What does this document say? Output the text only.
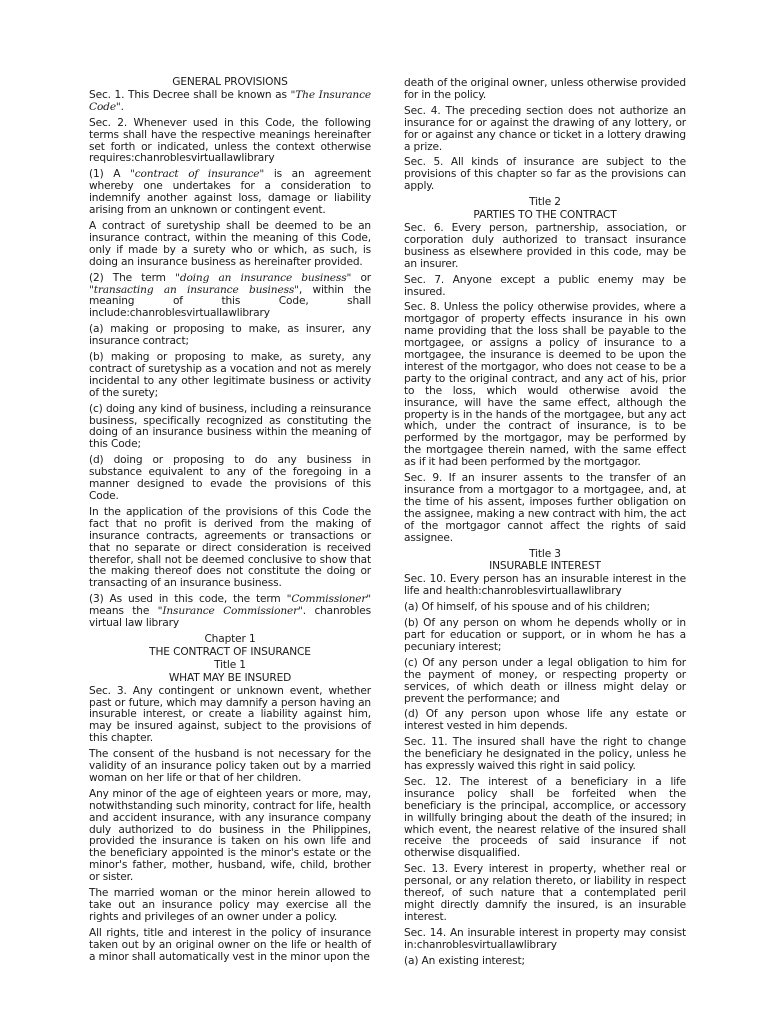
GENERAL PROVISIONS

Sec. 1. This Decree shall be known as "The Insurance Code".

Sec. 2. Whenever used in this Code, the following terms shall have the respective meanings hereinafter set forth or indicated, unless the context otherwise requires:chanroblesvirtuallawlibrary

(1) A "contract of insurance" is an agreement whereby one undertakes for a consideration to indemnify another against loss, damage or liability arising from an unknown or contingent event.

A contract of suretyship shall be deemed to be an insurance contract, within the meaning of this Code, only if made by a surety who or which, as such, is doing an insurance business as hereinafter provided.

(2) The term "doing an insurance business" or "transacting an insurance business", within the meaning of this Code, shall include:chanroblesvirtuallawlibrary

(a) making or proposing to make, as insurer, any insurance contract;

(b) making or proposing to make, as surety, any contract of suretyship as a vocation and not as merely incidental to any other legitimate business or activity of the surety;

(c) doing any kind of business, including a reinsurance business, specifically recognized as constituting the doing of an insurance business within the meaning of this Code;

(d) doing or proposing to do any business in substance equivalent to any of the foregoing in a manner designed to evade the provisions of this Code.

In the application of the provisions of this Code the fact that no profit is derived from the making of insurance contracts, agreements or transactions or that no separate or direct consideration is received therefor, shall not be deemed conclusive to show that the making thereof does not constitute the doing or transacting of an insurance business.

(3) As used in this code, the term "Commissioner" means the "Insurance Commissioner". chanrobles virtual law library

Chapter 1

THE CONTRACT OF INSURANCE

Title 1

WHAT MAY BE INSURED

Sec. 3. Any contingent or unknown event, whether past or future, which may damnify a person having an insurable interest, or create a liability against him, may be insured against, subject to the provisions of this chapter.

The consent of the husband is not necessary for the validity of an insurance policy taken out by a married woman on her life or that of her children.

Any minor of the age of eighteen years or more, may, notwithstanding such minority, contract for life, health and accident insurance, with any insurance company duly authorized to do business in the Philippines, provided the insurance is taken on his own life and the beneficiary appointed is the minor's estate or the minor's father, mother, husband, wife, child, brother or sister.

The married woman or the minor herein allowed to take out an insurance policy may exercise all the rights and privileges of an owner under a policy.

All rights, title and interest in the policy of insurance taken out by an original owner on the life or health of a minor shall automatically vest in the minor upon the

death of the original owner, unless otherwise provided for in the policy.

Sec. 4. The preceding section does not authorize an insurance for or against the drawing of any lottery, or for or against any chance or ticket in a lottery drawing a prize.

Sec. 5. All kinds of insurance are subject to the provisions of this chapter so far as the provisions can apply.

Title 2

PARTIES TO THE CONTRACT

Sec. 6. Every person, partnership, association, or corporation duly authorized to transact insurance business as elsewhere provided in this code, may be an insurer.

Sec. 7. Anyone except a public enemy may be insured.

Sec. 8. Unless the policy otherwise provides, where a mortgagor of property effects insurance in his own name providing that the loss shall be payable to the mortgagee, or assigns a policy of insurance to a mortgagee, the insurance is deemed to be upon the interest of the mortgagor, who does not cease to be a party to the original contract, and any act of his, prior to the loss, which would otherwise avoid the insurance, will have the same effect, although the property is in the hands of the mortgagee, but any act which, under the contract of insurance, is to be performed by the mortgagor, may be performed by the mortgagee therein named, with the same effect as if it had been performed by the mortgagor.

Sec. 9. If an insurer assents to the transfer of an insurance from a mortgagor to a mortgagee, and, at the time of his assent, imposes further obligation on the assignee, making a new contract with him, the act of the mortgagor cannot affect the rights of said assignee.

Title 3

INSURABLE INTEREST

Sec. 10. Every person has an insurable interest in the life and health:chanroblesvirtuallawlibrary

(a) Of himself, of his spouse and of his children;

(b) Of any person on whom he depends wholly or in part for education or support, or in whom he has a pecuniary interest;

(c) Of any person under a legal obligation to him for the payment of money, or respecting property or services, of which death or illness might delay or prevent the performance; and

(d) Of any person upon whose life any estate or interest vested in him depends.

Sec. 11. The insured shall have the right to change the beneficiary he designated in the policy, unless he has expressly waived this right in said policy.

Sec. 12. The interest of a beneficiary in a life insurance policy shall be forfeited when the beneficiary is the principal, accomplice, or accessory in willfully bringing about the death of the insured; in which event, the nearest relative of the insured shall receive the proceeds of said insurance if not otherwise disqualified.

Sec. 13. Every interest in property, whether real or personal, or any relation thereto, or liability in respect thereof, of such nature that a contemplated peril might directly damnify the insured, is an insurable interest.

Sec. 14. An insurable interest in property may consist in:chanroblesvirtuallawlibrary

(a) An existing interest;
